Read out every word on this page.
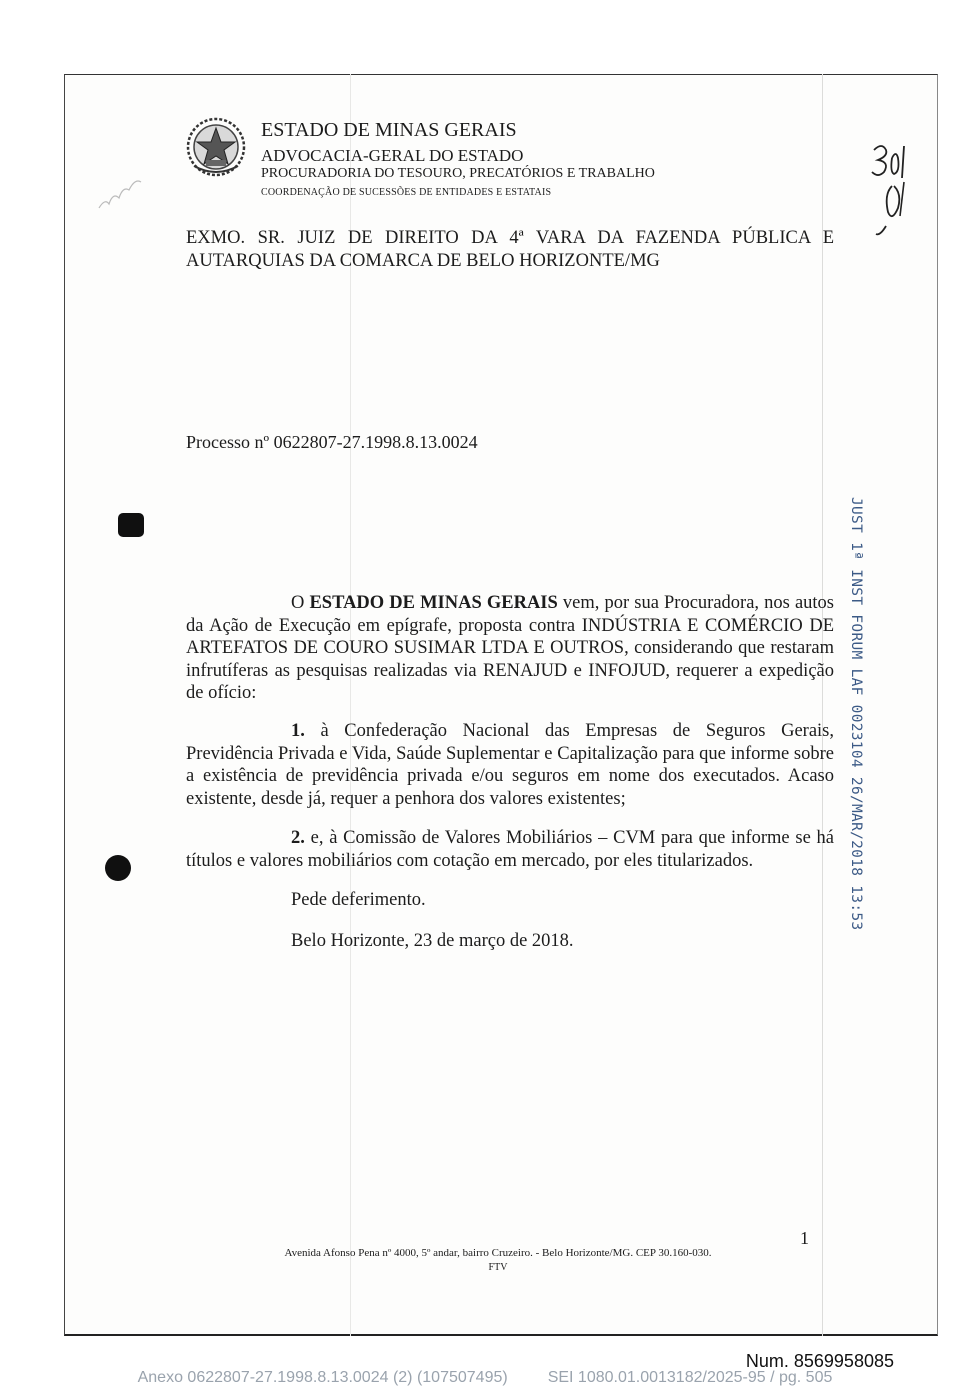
ESTADO DE MINAS GERAIS
ADVOCACIA-GERAL DO ESTADO
PROCURADORIA DO TESOURO, PRECATÓRIOS E TRABALHO
COORDENAÇÃO DE SUCESSÕES DE ENTIDADES E ESTATAIS
EXMO. SR. JUIZ DE DIREITO DA 4ª VARA DA FAZENDA PÚBLICA E
AUTARQUIAS DA COMARCA DE BELO HORIZONTE/MG
Processo nº 0622807-27.1998.8.13.0024
O ESTADO DE MINAS GERAIS vem, por sua Procuradora, nos autos da Ação de Execução em epígrafe, proposta contra INDÚSTRIA E COMÉRCIO DE ARTEFATOS DE COURO SUSIMAR LTDA E OUTROS, considerando que restaram infrutíferas as pesquisas realizadas via RENAJUD e INFOJUD, requerer a expedição de ofício:
1. à Confederação Nacional das Empresas de Seguros Gerais, Previdência Privada e Vida, Saúde Suplementar e Capitalização para que informe sobre a existência de previdência privada e/ou seguros em nome dos executados. Acaso existente, desde já, requer a penhora dos valores existentes;
2. e, à Comissão de Valores Mobiliários – CVM para que informe se há títulos e valores mobiliários com cotação em mercado, por eles titularizados.
Pede deferimento.
Belo Horizonte, 23 de março de 2018.
1
Avenida Afonso Pena nº 4000, 5º andar, bairro Cruzeiro. - Belo Horizonte/MG. CEP 30.160-030.
FTV
JUST 1ª INST FORUM LAF 0023104 26/MAR/2018 13:53
Num. 8569958085
Anexo 0622807-27.1998.8.13.0024 (2) (107507495)	SEI 1080.01.0013182/2025-95 / pg. 505
